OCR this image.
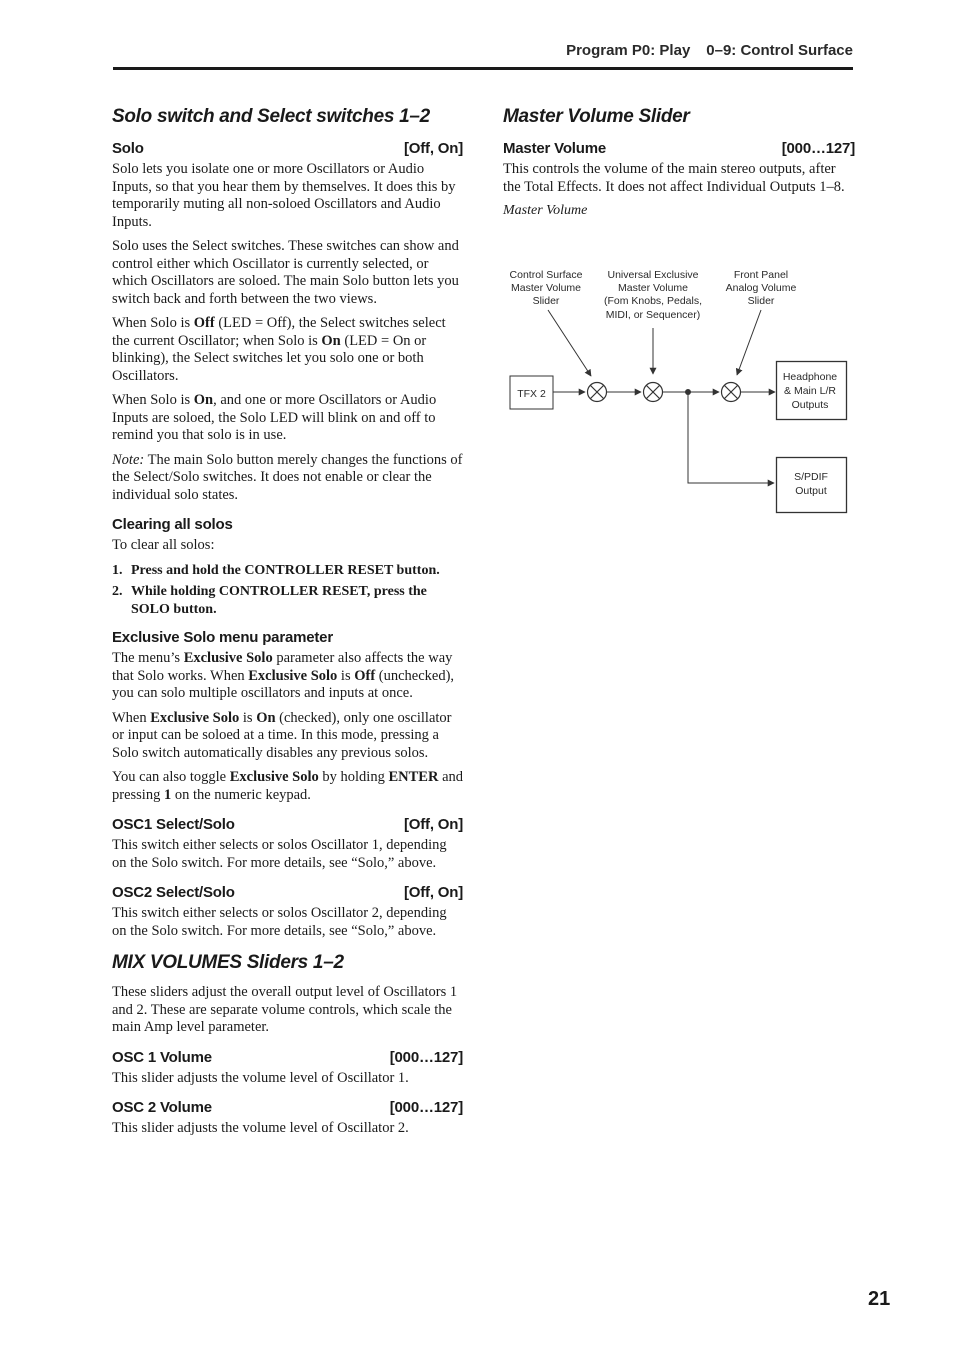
Program P0: Play 0–9: Control Surface
Solo switch and Select switches 1–2
Solo	[Off, On]

Solo lets you isolate one or more Oscillators or Audio Inputs, so that you hear them by themselves. It does this by temporarily muting all non-soloed Oscillators and Audio Inputs.

Solo uses the Select switches. These switches can show and control either which Oscillator is currently selected, or which Oscillators are soloed. The main Solo button lets you switch back and forth between the two views.

When Solo is Off (LED = Off), the Select switches select the current Oscillator; when Solo is On (LED = On or blinking), the Select switches let you solo one or both Oscillators.

When Solo is On, and one or more Oscillators or Audio Inputs are soloed, the Solo LED will blink on and off to remind you that solo is in use.

Note: The main Solo button merely changes the functions of the Select/Solo switches. It does not enable or clear the individual solo states.

Clearing all solos

To clear all solos:

1. Press and hold the CONTROLLER RESET button.
2. While holding CONTROLLER RESET, press the SOLO button.
Exclusive Solo menu parameter

The menu’s Exclusive Solo parameter also affects the way that Solo works. When Exclusive Solo is Off (unchecked), you can solo multiple oscillators and inputs at once.

When Exclusive Solo is On (checked), only one oscillator or input can be soloed at a time. In this mode, pressing a Solo switch automatically disables any previous solos.

You can also toggle Exclusive Solo by holding ENTER and pressing 1 on the numeric keypad.

OSC1 Select/Solo	[Off, On]

This switch either selects or solos Oscillator 1, depending on the Solo switch. For more details, see “Solo,” above.

OSC2 Select/Solo	[Off, On]

This switch either selects or solos Oscillator 2, depending on the Solo switch. For more details, see “Solo,” above.

MIX VOLUMES Sliders 1–2

These sliders adjust the overall output level of Oscillators 1 and 2. These are separate volume controls, which scale the main Amp level parameter.

OSC 1 Volume	[000…127]

This slider adjusts the volume level of Oscillator 1.

OSC 2 Volume	[000…127]

This slider adjusts the volume level of Oscillator 2.

Master Volume Slider
Master Volume	[000…127]

This controls the volume of the main stereo outputs, after the Total Effects. It does not affect Individual Outputs 1–8.

Master Volume
Control Surface
Master Volume
Slider
Universal Exclusive
Master Volume
(Fom Knobs, Pedals,
MIDI, or Sequencer)
Front Panel
Analog Volume
Slider
TFX 2
Headphone
& Main L/R
Outputs
S/PDIF
Output
21
